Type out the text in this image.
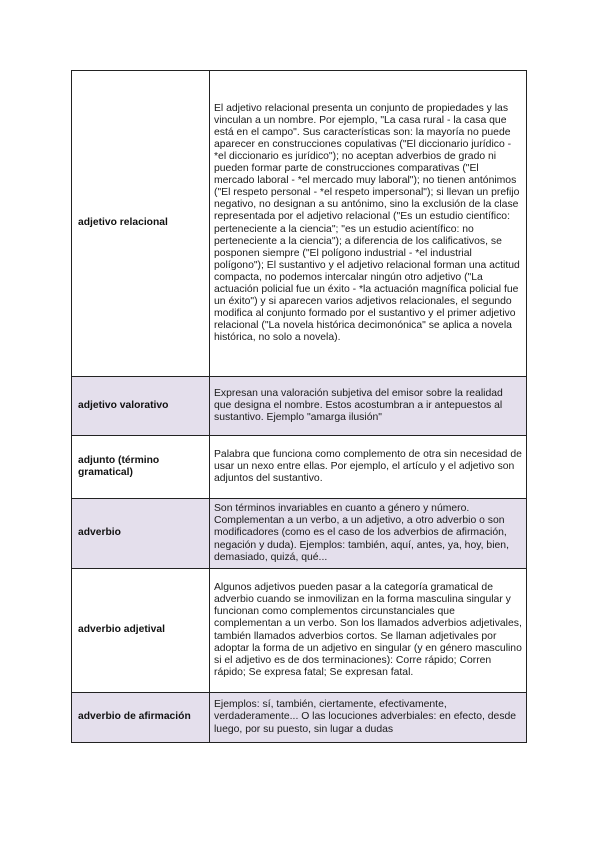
adjetivo relacional	El adjetivo relacional presenta un conjunto de propiedades y las vinculan a un nombre. Por ejemplo, "La casa rural - la casa que está en el campo". Sus características son: la mayoría no puede aparecer en construcciones copulativas ("El diccionario jurídico - *el diccionario es jurídico"); no aceptan adverbios de grado ni pueden formar parte de construcciones comparativas ("El mercado laboral - *el mercado muy laboral"); no tienen antónimos ("El respeto personal - *el respeto impersonal"); si llevan un prefijo negativo, no designan a su antónimo, sino la exclusión de la clase representada por el adjetivo relacional ("Es un estudio científico: perteneciente a la ciencia"; "es un estudio acientífico: no perteneciente a la ciencia"); a diferencia de los calificativos, se posponen siempre ("El polígono industrial - *el industrial polígono"); El sustantivo y el adjetivo relacional forman una actitud compacta, no podemos intercalar ningún otro adjetivo ("La actuación policial fue un éxito - *la actuación magnífica policial fue un éxito") y si aparecen varios adjetivos relacionales, el segundo modifica al conjunto formado por el sustantivo y el primer adjetivo relacional ("La novela histórica decimonónica" se aplica a novela histórica, no solo a novela).
adjetivo valorativo	Expresan una valoración subjetiva del emisor sobre la realidad que designa el nombre. Estos acostumbran a ir antepuestos al sustantivo. Ejemplo "amarga ilusión"
adjunto (término gramatical)	Palabra que funciona como complemento de otra sin necesidad de usar un nexo entre ellas. Por ejemplo, el artículo y el adjetivo son adjuntos del sustantivo.
adverbio	Son términos invariables en cuanto a género y número. Complementan a un verbo, a un adjetivo, a otro adverbio o son modificadores (como es el caso de los adverbios de afirmación, negación y duda). Ejemplos: también, aquí, antes, ya, hoy, bien, demasiado, quizá, qué...
adverbio adjetival	Algunos adjetivos pueden pasar a la categoría gramatical de adverbio cuando se inmovilizan en la forma masculina singular y funcionan como complementos circunstanciales que complementan a un verbo. Son los llamados adverbios adjetivales, también llamados adverbios cortos. Se llaman adjetivales por adoptar la forma de un adjetivo en singular (y en género masculino si el adjetivo es de dos terminaciones): Corre rápido; Corren rápido; Se expresa fatal; Se expresan fatal.
adverbio de afirmación	Ejemplos: sí, también, ciertamente, efectivamente, verdaderamente... O las locuciones adverbiales: en efecto, desde luego, por su puesto, sin lugar a dudas
